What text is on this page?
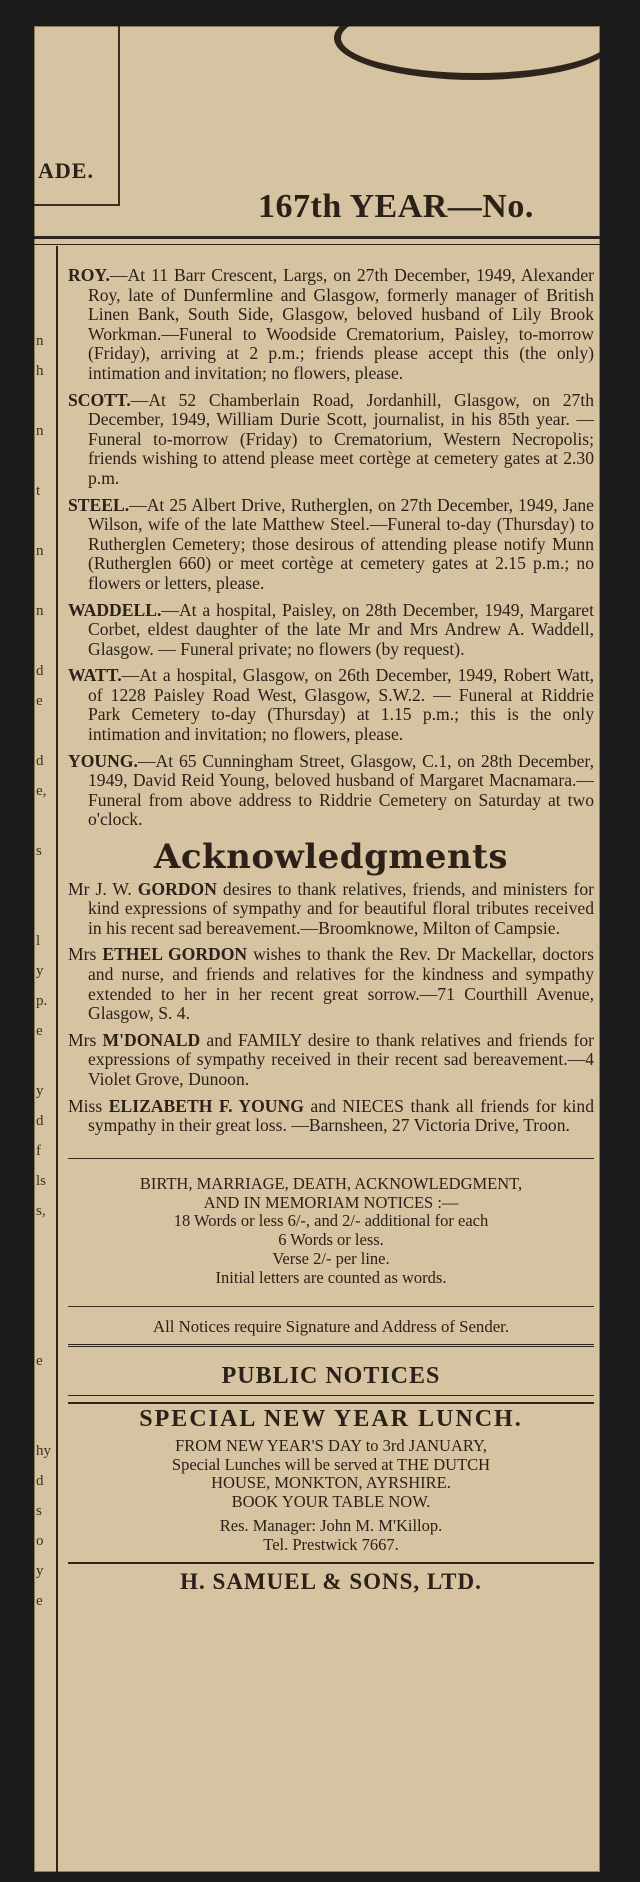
ADE.
167th YEAR—No.
n
h

n

t

n

n

d
e

d
e,

s

l
y
p.
e

y
d
f
ls
s,

e

hy
d
s
o
y
e

ROY.—At 11 Barr Crescent, Largs, on 27th December, 1949, Alexander Roy, late of Dunfermline and Glasgow, formerly manager of British Linen Bank, South Side, Glasgow, beloved husband of Lily Brook Workman.—Funeral to Woodside Crematorium, Paisley, to-morrow (Friday), arriving at 2 p.m.; friends please accept this (the only) intimation and invitation; no flowers, please.

SCOTT.—At 52 Chamberlain Road, Jordanhill, Glasgow, on 27th December, 1949, William Durie Scott, journalist, in his 85th year. — Funeral to-morrow (Friday) to Crematorium, Western Necropolis; friends wishing to attend please meet cortège at cemetery gates at 2.30 p.m.

STEEL.—At 25 Albert Drive, Rutherglen, on 27th December, 1949, Jane Wilson, wife of the late Matthew Steel.—Funeral to-day (Thursday) to Rutherglen Cemetery; those desirous of attending please notify Munn (Rutherglen 660) or meet cortège at cemetery gates at 2.15 p.m.; no flowers or letters, please.

WADDELL.—At a hospital, Paisley, on 28th December, 1949, Margaret Corbet, eldest daughter of the late Mr and Mrs Andrew A. Waddell, Glasgow. — Funeral private; no flowers (by request).

WATT.—At a hospital, Glasgow, on 26th December, 1949, Robert Watt, of 1228 Paisley Road West, Glasgow, S.W.2. — Funeral at Riddrie Park Cemetery to-day (Thursday) at 1.15 p.m.; this is the only intimation and invitation; no flowers, please.

YOUNG.—At 65 Cunningham Street, Glasgow, C.1, on 28th December, 1949, David Reid Young, beloved husband of Margaret Macnamara.—Funeral from above address to Riddrie Cemetery on Saturday at two o'clock.

Acknowledgments

Mr J. W. GORDON desires to thank relatives, friends, and ministers for kind expressions of sympathy and for beautiful floral tributes received in his recent sad bereavement.—Broomknowe, Milton of Campsie.

Mrs ETHEL GORDON wishes to thank the Rev. Dr Mackellar, doctors and nurse, and friends and relatives for the kindness and sympathy extended to her in her recent great sorrow.—71 Courthill Avenue, Glasgow, S. 4.

Mrs M'DONALD and FAMILY desire to thank relatives and friends for expressions of sympathy received in their recent sad bereavement.—4 Violet Grove, Dunoon.

Miss ELIZABETH F. YOUNG and NIECES thank all friends for kind sympathy in their great loss. —Barnsheen, 27 Victoria Drive, Troon.

BIRTH, MARRIAGE, DEATH, ACKNOWLEDGMENT,

AND IN MEMORIAM NOTICES :—

18 Words or less 6/-, and 2/- additional for each

6 Words or less.

Verse 2/- per line.

Initial letters are counted as words.

All Notices require Signature and Address of Sender.
PUBLIC NOTICES
SPECIAL NEW YEAR LUNCH.

FROM NEW YEAR'S DAY to 3rd JANUARY,

Special Lunches will be served at THE DUTCH

HOUSE, MONKTON, AYRSHIRE.

BOOK YOUR TABLE NOW.

Res. Manager: John M. M'Killop.

Tel. Prestwick 7667.

H. SAMUEL & SONS, LTD.
